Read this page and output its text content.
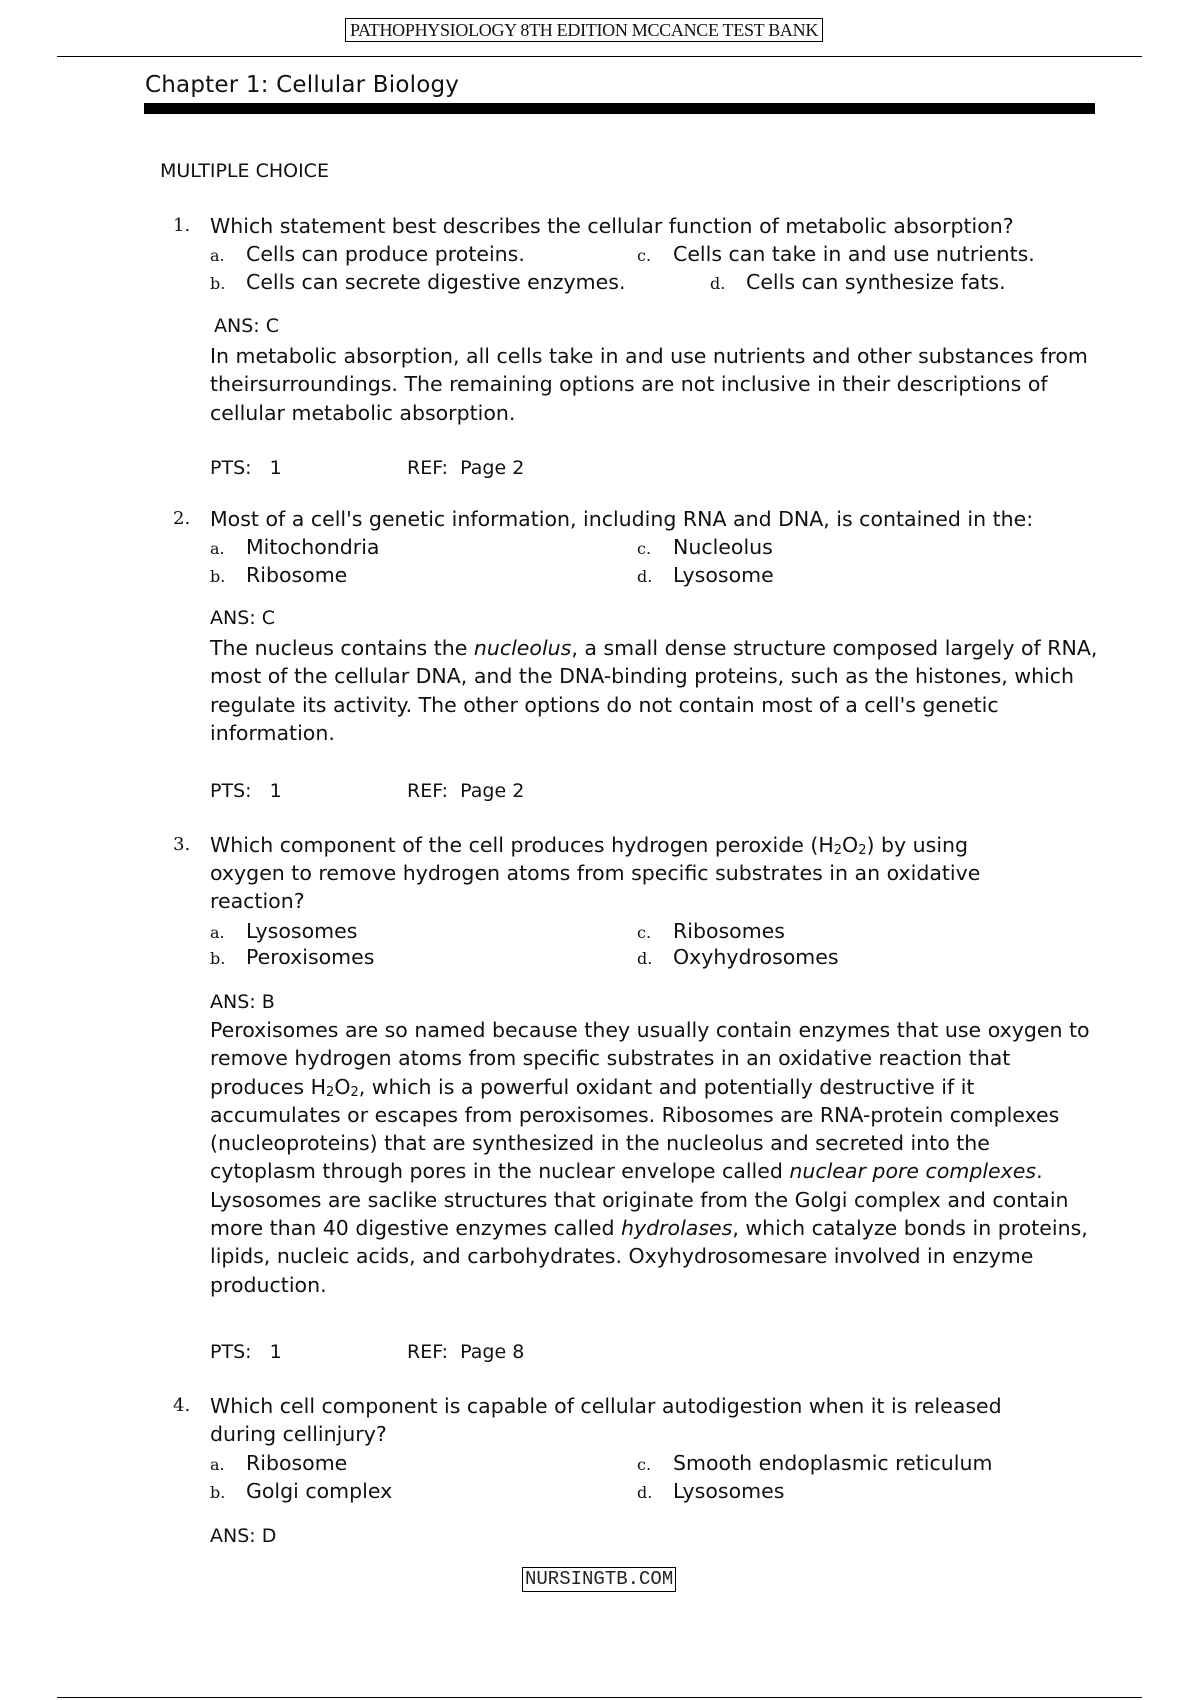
PATHOPHYSIOLOGY 8TH EDITION MCCANCE TEST BANK
Chapter 1: Cellular Biology
MULTIPLE CHOICE
1. Which statement best describes the cellular function of metabolic absorption?
a. Cells can produce proteins.
b. Cells can secrete digestive enzymes.
c. Cells can take in and use nutrients.
d. Cells can synthesize fats.
ANS: C
In metabolic absorption, all cells take in and use nutrients and other substances from theirsurroundings. The remaining options are not inclusive in their descriptions of cellular metabolic absorption.
PTS: 1	REF: Page 2
2. Most of a cell's genetic information, including RNA and DNA, is contained in the:
a. Mitochondria
b. Ribosome
c. Nucleolus
d. Lysosome
ANS: C
The nucleus contains the nucleolus, a small dense structure composed largely of RNA, most of the cellular DNA, and the DNA-binding proteins, such as the histones, which regulate its activity. The other options do not contain most of a cell's genetic information.
PTS: 1	REF: Page 2
3. Which component of the cell produces hydrogen peroxide $(H_2O_2)$ by using oxygen to remove hydrogen atoms from specific substrates in an oxidative reaction?
a. Lysosomes
b. Peroxisomes
c. Ribosomes
d. Oxyhydrosomes
ANS: B
Peroxisomes are so named because they usually contain enzymes that use oxygen to remove hydrogen atoms from specific substrates in an oxidative reaction that produces $H_2O_2$, which is a powerful oxidant and potentially destructive if it accumulates or escapes from peroxisomes. Ribosomes are RNA-protein complexes (nucleoproteins) that are synthesized in the nucleolus and secreted into the cytoplasm through pores in the nuclear envelope called nuclear pore complexes. Lysosomes are saclike structures that originate from the Golgi complex and contain more than 40 digestive enzymes called hydrolases, which catalyze bonds in proteins, lipids, nucleic acids, and carbohydrates. Oxyhydrosomesare involved in enzyme production.
PTS: 1	REF: Page 8
4. Which cell component is capable of cellular autodigestion when it is released during cellinjury?
a. Ribosome
b. Golgi complex
c. Smooth endoplasmic reticulum
d. Lysosomes
ANS: D
NURSINGTB.COM
